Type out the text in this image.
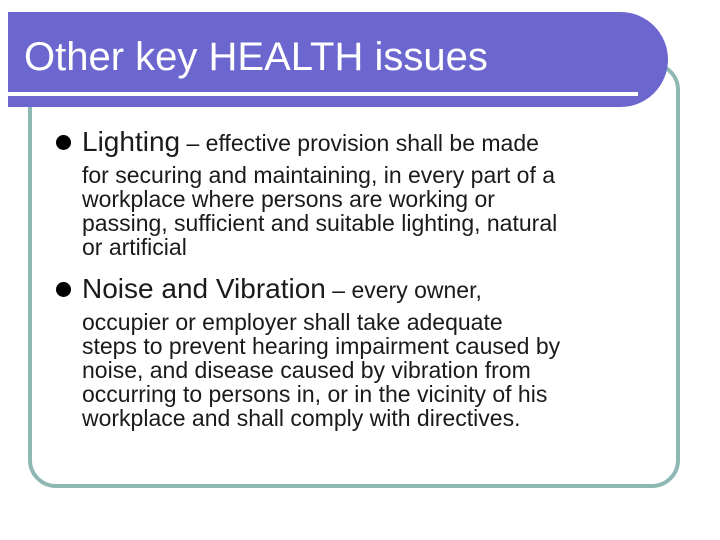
Other key HEALTH issues
Lighting – effective provision shall be made
for securing and maintaining, in every part of a
workplace where persons are working or
passing, sufficient and suitable lighting, natural
or artificial
Noise and Vibration – every owner,
occupier or employer shall take adequate
steps to prevent hearing impairment caused by
noise, and disease caused by vibration from
occurring to persons in, or in the vicinity of his
workplace and shall comply with directives.
